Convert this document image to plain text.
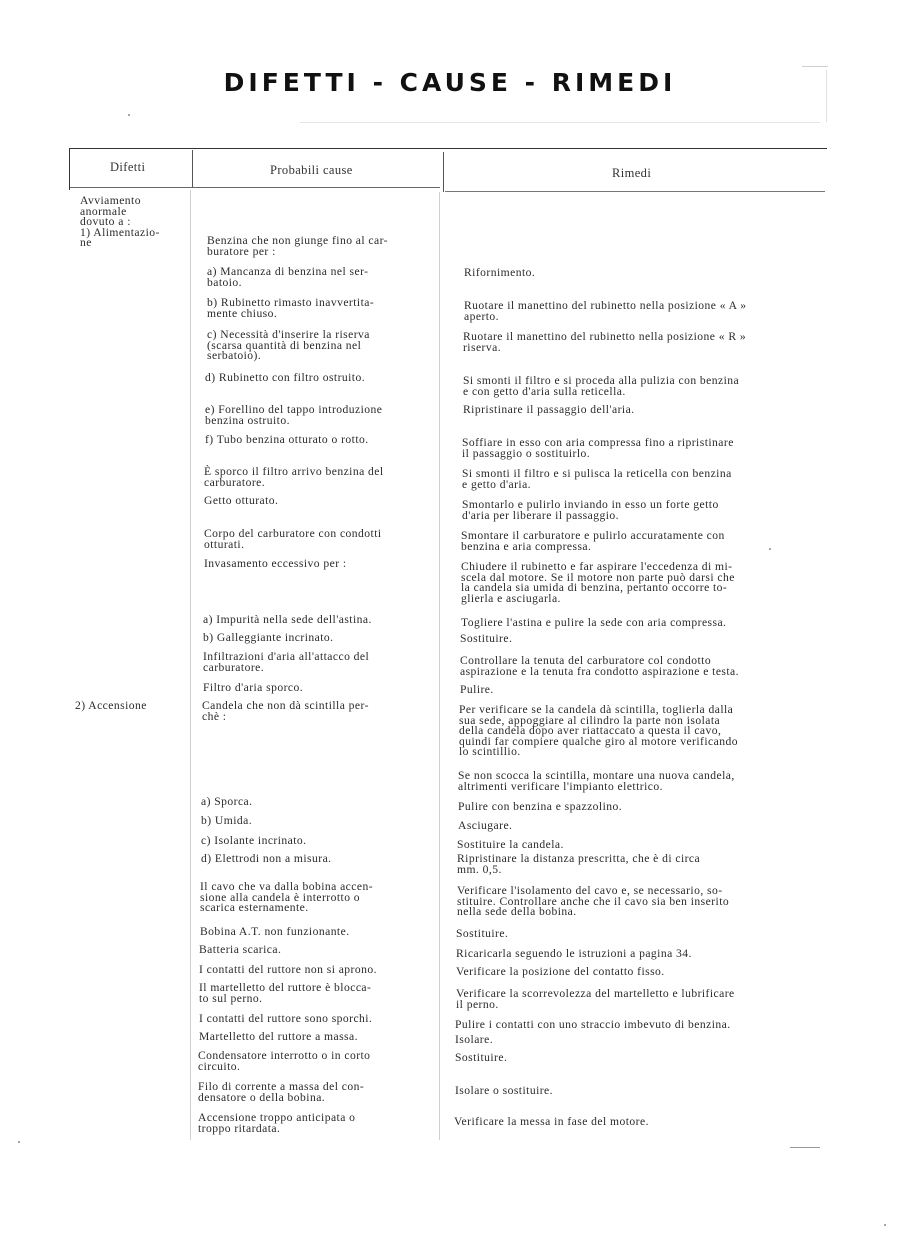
DIFETTI - CAUSE - RIMEDI
Difetti	Probabili cause	Rimedi
Avviamento
anormale
dovuto a :
1) Alimentazio-
ne
2) Accensione
Benzina che non giunge fino al car-
buratore per :
a) Mancanza di benzina nel ser-
batoio.
b) Rubinetto rimasto inavvertita-
mente chiuso.
c) Necessità d'inserire la riserva
(scarsa quantità di benzina nel
serbatoio).
d) Rubinetto con filtro ostruito.
e) Forellino del tappo introduzione
benzina ostruito.
f) Tubo benzina otturato o rotto.
È sporco il filtro arrivo benzina del
carburatore.
Getto otturato.
Corpo del carburatore con condotti
otturati.
Invasamento eccessivo per :
a) Impurità nella sede dell'astina.
b) Galleggiante incrinato.
Infiltrazioni d'aria all'attacco del
carburatore.
Filtro d'aria sporco.
Candela che non dà scintilla per-
chè :
a) Sporca.
b) Umida.
c) Isolante incrinato.
d) Elettrodi non a misura.
Il cavo che va dalla bobina accen-
sione alla candela è interrotto o
scarica esternamente.
Bobina A.T. non funzionante.
Batteria scarica.
I contatti del ruttore non si aprono.
Il martelletto del ruttore è blocca-
to sul perno.
I contatti del ruttore sono sporchi.
Martelletto del ruttore a massa.
Condensatore interrotto o in corto
circuito.
Filo di corrente a massa del con-
densatore o della bobina.
Accensione troppo anticipata o
troppo ritardata.
Rifornimento.
Ruotare il manettino del rubinetto nella posizione « A »
aperto.
Ruotare il manettino del rubinetto nella posizione « R »
riserva.
Si smonti il filtro e si proceda alla pulizia con benzina
e con getto d'aria sulla reticella.
Ripristinare il passaggio dell'aria.
Soffiare in esso con aria compressa fino a ripristinare
il passaggio o sostituirlo.
Si smonti il filtro e si pulisca la reticella con benzina
e getto d'aria.
Smontarlo e pulirlo inviando in esso un forte getto
d'aria per liberare il passaggio.
Smontare il carburatore e pulirlo accuratamente con
benzina e aria compressa.
Chiudere il rubinetto e far aspirare l'eccedenza di mi-
scela dal motore. Se il motore non parte può darsi che
la candela sia umida di benzina, pertanto occorre to-
glierla e asciugarla.
Togliere l'astina e pulire la sede con aria compressa.
Sostituire.
Controllare la tenuta del carburatore col condotto
aspirazione e la tenuta fra condotto aspirazione e testa.
Pulire.
Per verificare se la candela dà scintilla, toglierla dalla
sua sede, appoggiare al cilindro la parte non isolata
della candela dopo aver riattaccato a questa il cavo,
quindi far compiere qualche giro al motore verificando
lo scintillio.
Se non scocca la scintilla, montare una nuova candela,
altrimenti verificare l'impianto elettrico.
Pulire con benzina e spazzolino.
Asciugare.
Sostituire la candela.
Ripristinare la distanza prescritta, che è di circa
mm. 0,5.
Verificare l'isolamento del cavo e, se necessario, so-
stituire. Controllare anche che il cavo sia ben inserito
nella sede della bobina.
Sostituire.
Ricaricarla seguendo le istruzioni a pagina 34.
Verificare la posizione del contatto fisso.
Verificare la scorrevolezza del martelletto e lubrificare
il perno.
Pulire i contatti con uno straccio imbevuto di benzina.
Isolare.
Sostituire.
Isolare o sostituire.
Verificare la messa in fase del motore.
